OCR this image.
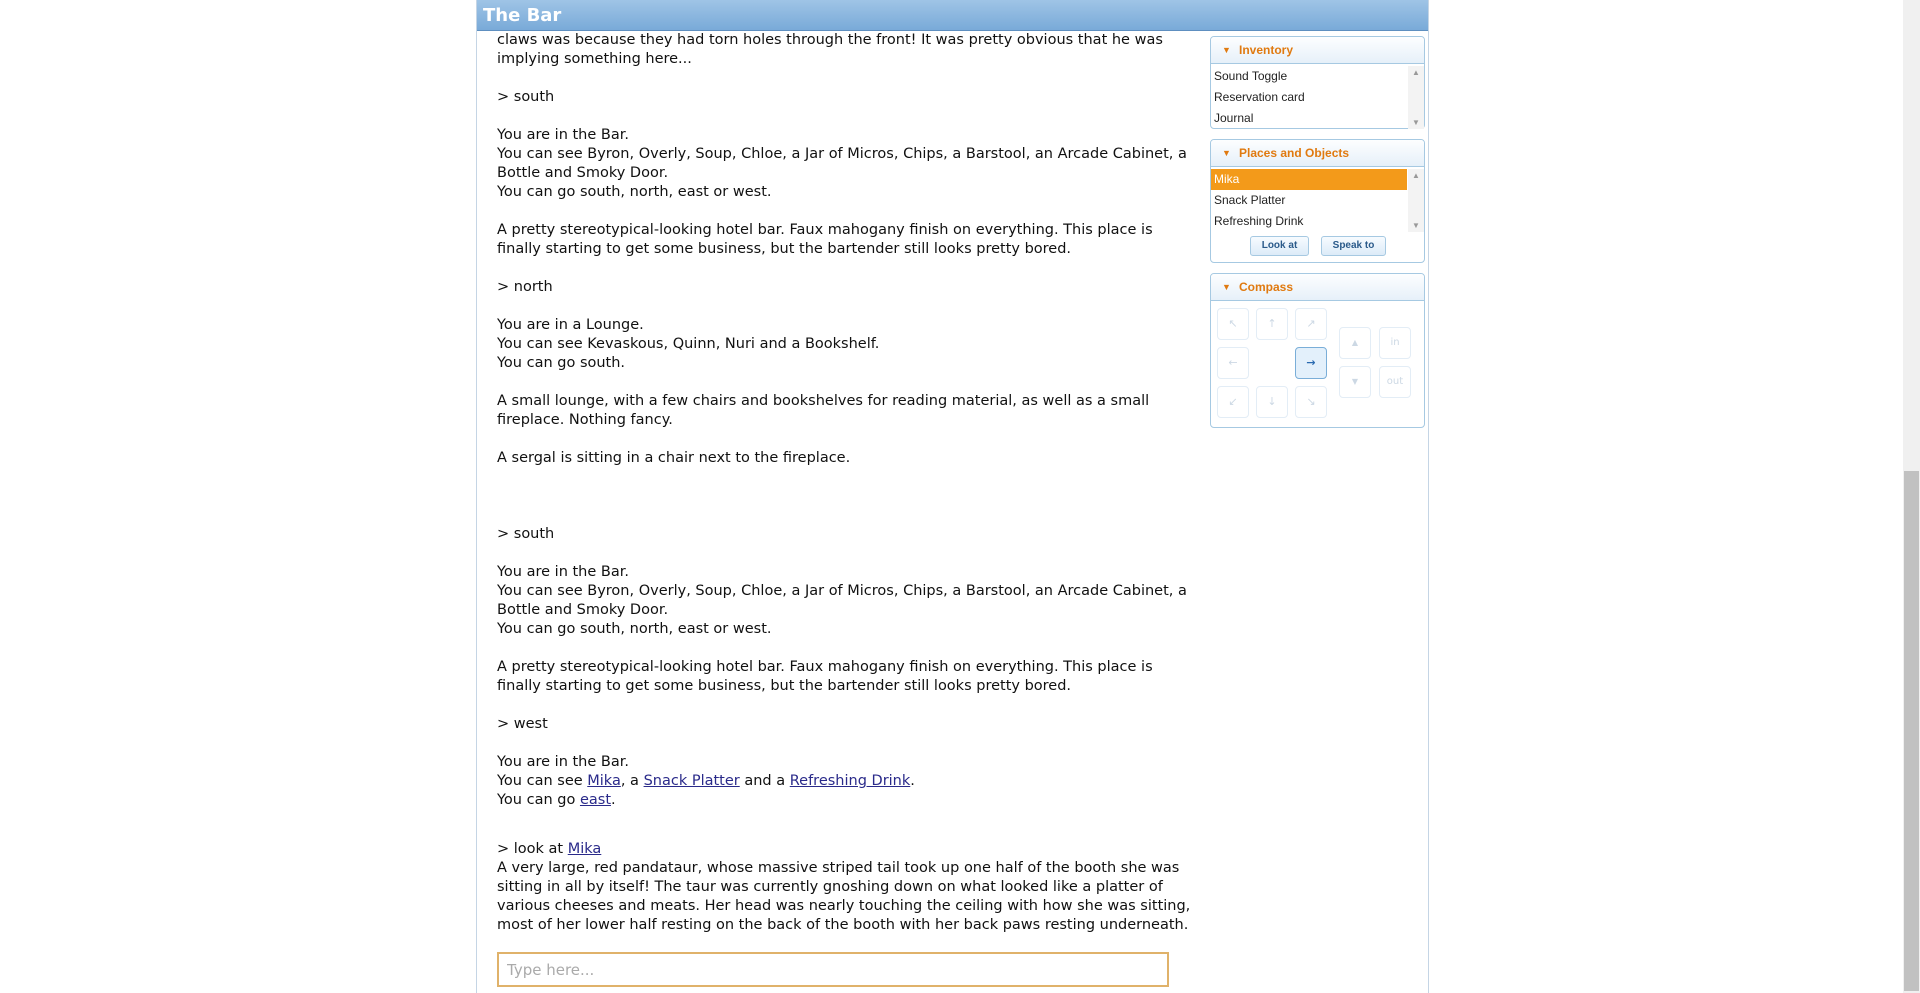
The Bar

claws was because they had torn holes through the front! It was pretty obvious that he was implying something here...

> south

You are in the Bar.
You can see Byron, Overly, Soup, Chloe, a Jar of Micros, Chips, a Barstool, an Arcade Cabinet, a Bottle and Smoky Door.
You can go south, north, east or west.

A pretty stereotypical-looking hotel bar. Faux mahogany finish on everything. This place is finally starting to get some business, but the bartender still looks pretty bored.

> north

You are in a Lounge.
You can see Kevaskous, Quinn, Nuri and a Bookshelf.
You can go south.

A small lounge, with a few chairs and bookshelves for reading material, as well as a small fireplace. Nothing fancy.

A sergal is sitting in a chair next to the fireplace.

> south

You are in the Bar.
You can see Byron, Overly, Soup, Chloe, a Jar of Micros, Chips, a Barstool, an Arcade Cabinet, a Bottle and Smoky Door.
You can go south, north, east or west.

A pretty stereotypical-looking hotel bar. Faux mahogany finish on everything. This place is finally starting to get some business, but the bartender still looks pretty bored.

> west

You are in the Bar.
You can see Mika, a Snack Platter and a Refreshing Drink.
You can go east.

> look at Mika
A very large, red pandataur, whose massive striped tail took up one half of the booth she was sitting in all by itself! The taur was currently gnoshing down on what looked like a platter of various cheeses and meats. Her head was nearly touching the ceiling with how she was sitting, most of her lower half resting on the back of the booth with her back paws resting underneath.

Type here...
▼ Inventory
Sound Toggle
Reservation card
Journal
▲
▼
▼ Places and Objects
Mika
Snack Platter
Refreshing Drink
▲
▼
Look at	Speak to
▼ Compass
↖	↑	↗
←	→
↙	↓	↘
▲	in
▼	out
